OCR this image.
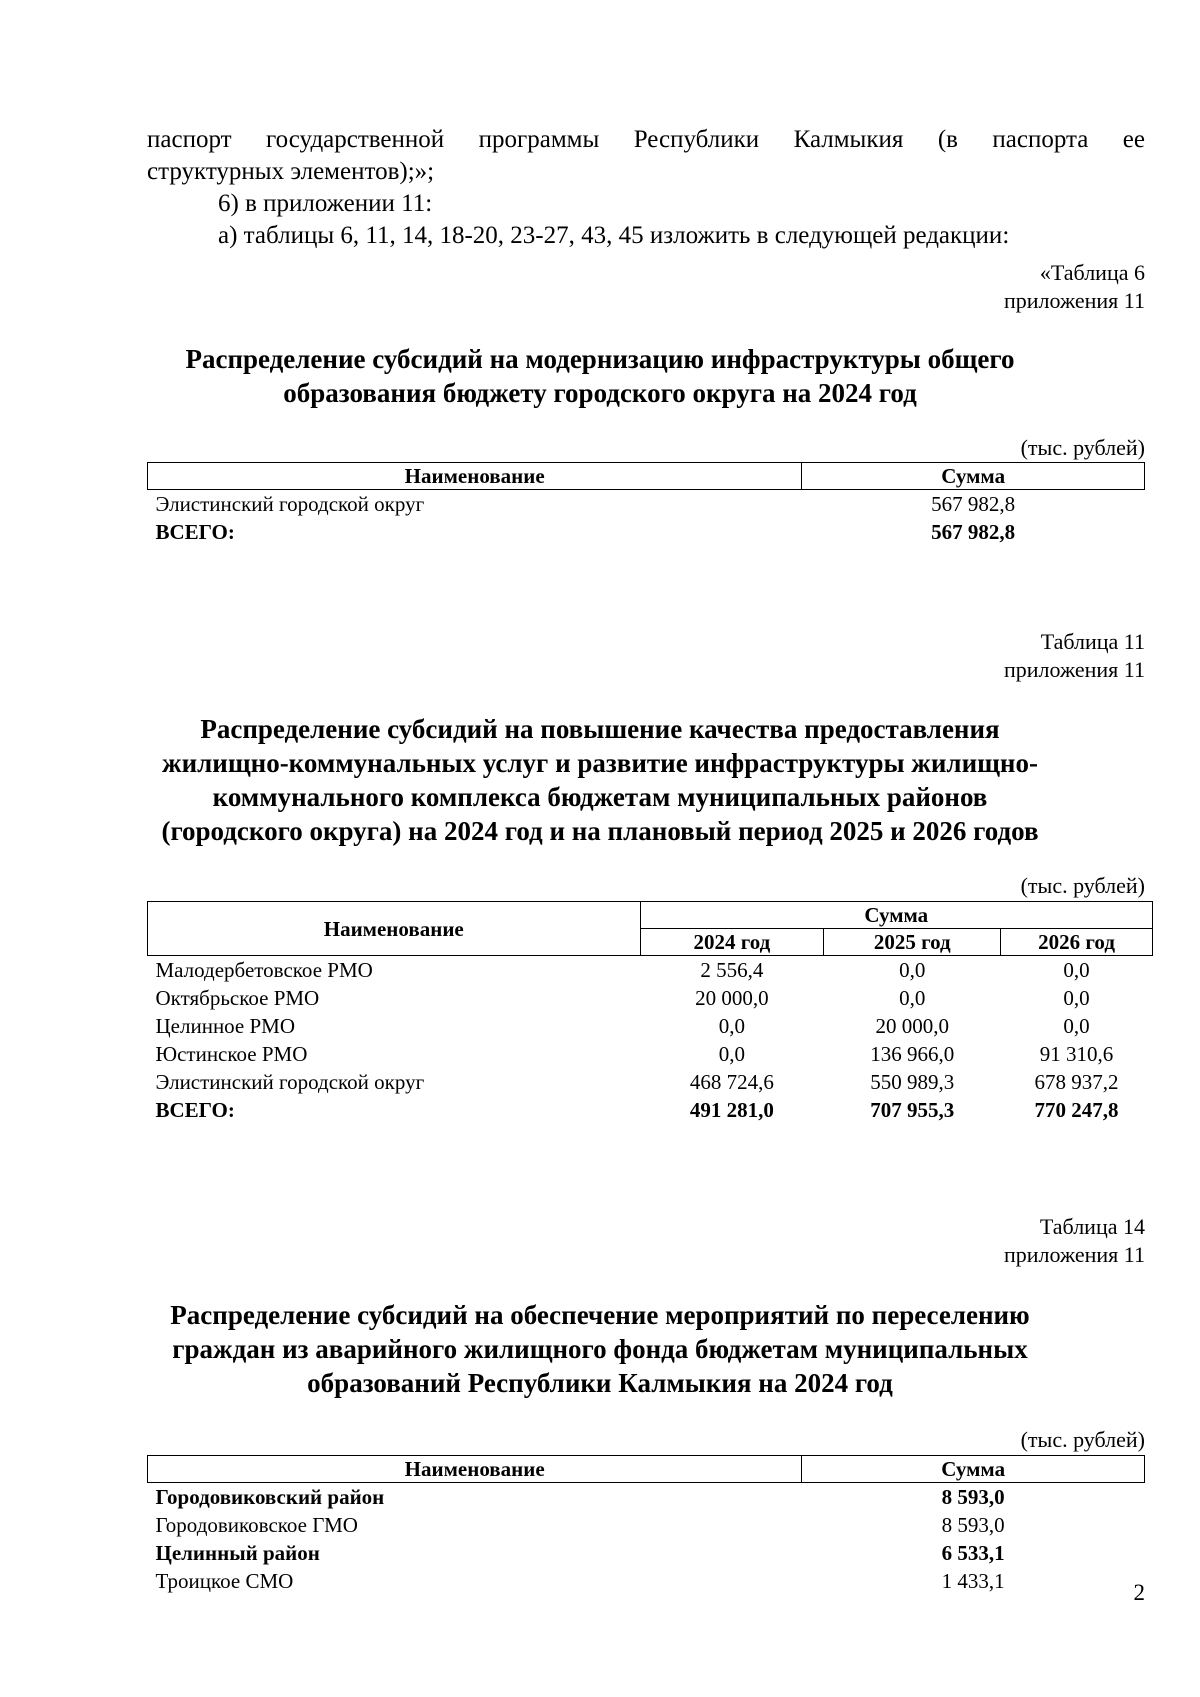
паспорт государственной программы Республики Калмыкия (в паспорта ее
структурных элементов);»;
6) в приложении 11:
а) таблицы 6, 11, 14, 18-20, 23-27, 43, 45 изложить в следующей редакции:
«Таблица 6
приложения 11
Распределение субсидий на модернизацию инфраструктуры общего
образования бюджету городского округа на 2024 год
(тыс. рублей)
Наименование	Сумма
Элистинский городской округ	567 982,8
ВСЕГО:	567 982,8
Таблица 11
приложения 11
Распределение субсидий на повышение качества предоставления
жилищно-коммунальных услуг и развитие инфраструктуры жилищно-
коммунального комплекса бюджетам муниципальных районов
(городского округа) на 2024 год и на плановый период 2025 и 2026 годов
(тыс. рублей)
Наименование	Сумма		
	2024 год	2025 год	2026 год
Малодербетовское РМО	2 556,4	0,0	0,0
Октябрьское РМО	20 000,0	0,0	0,0
Целинное РМО	0,0	20 000,0	0,0
Юстинское РМО	0,0	136 966,0	91 310,6
Элистинский городской округ	468 724,6	550 989,3	678 937,2
ВСЕГО:	491 281,0	707 955,3	770 247,8
Таблица 14
приложения 11
Распределение субсидий на обеспечение мероприятий по переселению
граждан из аварийного жилищного фонда бюджетам муниципальных
образований Республики Калмыкия на 2024 год
(тыс. рублей)
Наименование	Сумма
Городовиковский район	8 593,0
Городовиковское ГМО	8 593,0
Целинный район	6 533,1
Троицкое СМО	1 433,1	2
